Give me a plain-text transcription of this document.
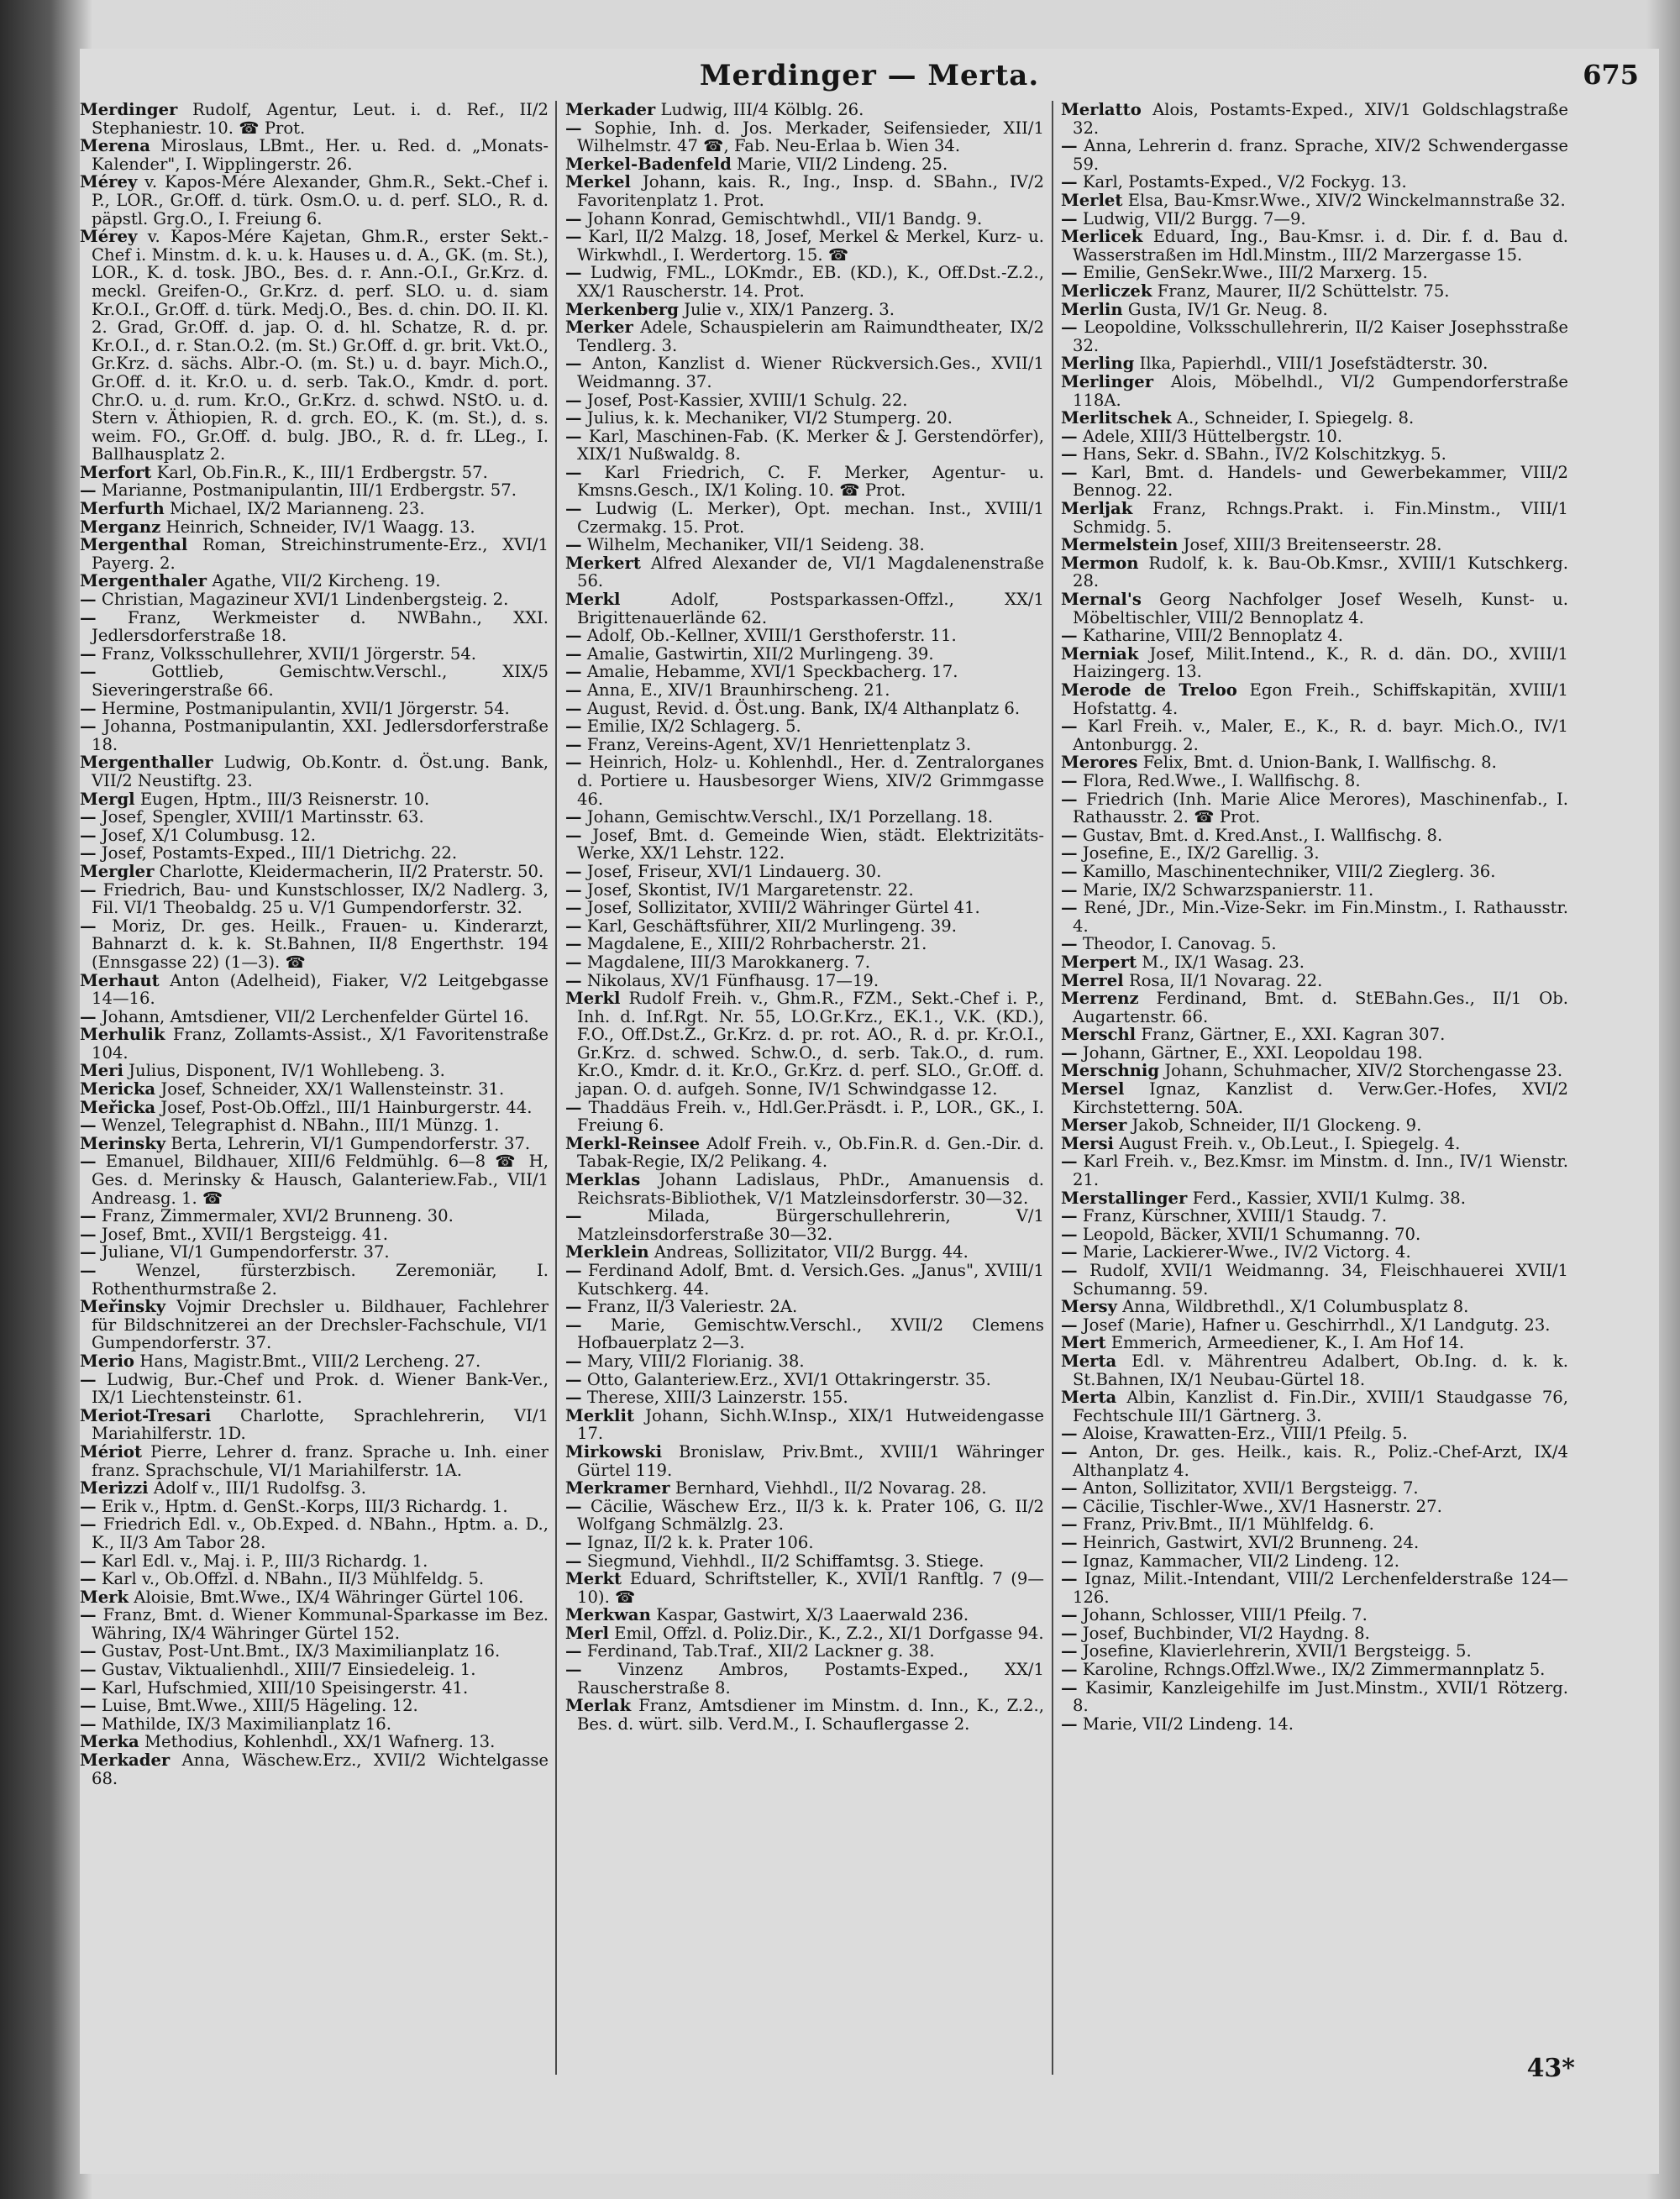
Merdinger — Merta.	675

Merdinger Rudolf, Agentur, Leut. i. d. Ref., II/2 Stephaniestr. 10. ☎ Prot.

Merena Miroslaus, LBmt., Her. u. Red. d. „Monats-Kalender", I. Wipplingerstr. 26.

Mérey v. Kapos-Mére Alexander, Ghm.R., Sekt.-Chef i. P., LOR., Gr.Off. d. türk. Osm.O. u. d. perf. SLO., R. d. päpstl. Grg.O., I. Freiung 6.

Mérey v. Kapos-Mére Kajetan, Ghm.R., erster Sekt.-Chef i. Minstm. d. k. u. k. Hauses u. d. A., GK. (m. St.), LOR., K. d. tosk. JBO., Bes. d. r. Ann.-O.I., Gr.Krz. d. meckl. Greifen-O., Gr.Krz. d. perf. SLO. u. d. siam Kr.O.I., Gr.Off. d. türk. Medj.O., Bes. d. chin. DO. II. Kl. 2. Grad, Gr.Off. d. jap. O. d. hl. Schatze, R. d. pr. Kr.O.I., d. r. Stan.O.2. (m. St.) Gr.Off. d. gr. brit. Vkt.O., Gr.Krz. d. sächs. Albr.-O. (m. St.) u. d. bayr. Mich.O., Gr.Off. d. it. Kr.O. u. d. serb. Tak.O., Kmdr. d. port. Chr.O. u. d. rum. Kr.O., Gr.Krz. d. schwd. NStO. u. d. Stern v. Äthiopien, R. d. grch. EO., K. (m. St.), d. s. weim. FO., Gr.Off. d. bulg. JBO., R. d. fr. LLeg., I. Ballhausplatz 2.

Merfort Karl, Ob.Fin.R., K., III/1 Erdbergstr. 57.

— Marianne, Postmanipulantin, III/1 Erdbergstr. 57.

Merfurth Michael, IX/2 Marianneng. 23.

Merganz Heinrich, Schneider, IV/1 Waagg. 13.

Mergenthal Roman, Streichinstrumente-Erz., XVI/1 Payerg. 2.

Mergenthaler Agathe, VII/2 Kircheng. 19.

— Christian, Magazineur XVI/1 Lindenbergsteig. 2.

— Franz, Werkmeister d. NWBahn., XXI. Jedlersdorferstraße 18.

— Franz, Volksschullehrer, XVII/1 Jörgerstr. 54.

—	Gottlieb, Gemischtw.Verschl., XIX/5 Sieveringerstraße 66.

— Hermine, Postmanipulantin, XVII/1 Jörgerstr. 54.

— Johanna, Postmanipulantin, XXI. Jedlersdorferstraße 18.

Mergenthaller Ludwig, Ob.Kontr. d. Öst.ung. Bank, VII/2 Neustiftg. 23.

Mergl Eugen, Hptm., III/3 Reisnerstr. 10.

— Josef, Spengler, XVIII/1 Martinsstr. 63.

— Josef, X/1 Columbusg. 12.

— Josef, Postamts-Exped., III/1 Dietrichg. 22.

Mergler Charlotte, Kleidermacherin, II/2 Praterstr. 50.

— Friedrich, Bau- und Kunstschlosser, IX/2 Nadlerg. 3, Fil. VI/1 Theobaldg. 25 u. V/1 Gumpendorferstr. 32.

— Moriz, Dr. ges. Heilk., Frauen- u. Kinderarzt, Bahnarzt d. k. k. St.Bahnen, II/8 Engerthstr. 194 (Ennsgasse 22) (1—3). ☎

Merhaut Anton (Adelheid), Fiaker, V/2 Leitgebgasse 14—16.

— Johann, Amtsdiener, VII/2 Lerchenfelder Gürtel 16.

Merhulik Franz, Zollamts-Assist., X/1 Favoritenstraße 104.

Meri Julius, Disponent, IV/1 Wohllebeng. 3.

Mericka Josef, Schneider, XX/1 Wallensteinstr. 31.

Meřicka Josef, Post-Ob.Offzl., III/1 Hainburgerstr. 44.

— Wenzel, Telegraphist d. NBahn., III/1 Münzg. 1.

Merinsky Berta, Lehrerin, VI/1 Gumpendorferstr. 37.

— Emanuel, Bildhauer, XIII/6 Feldmühlg. 6—8 ☎ H, Ges. d. Merinsky & Hausch, Galanteriew.Fab., VII/1 Andreasg. 1. ☎

— Franz, Zimmermaler, XVI/2 Brunneng. 30.

— Josef, Bmt., XVII/1 Bergsteigg. 41.

— Juliane, VI/1 Gumpendorferstr. 37.

— Wenzel, fürsterzbisch. Zeremoniär, I. Rothenthurmstraße 2.

Meřinsky Vojmir Drechsler u. Bildhauer, Fachlehrer für Bildschnitzerei an der Drechsler-Fachschule, VI/1 Gumpendorferstr. 37.

Merio Hans, Magistr.Bmt., VIII/2 Lercheng. 27.

— Ludwig, Bur.-Chef und Prok. d. Wiener Bank-Ver., IX/1 Liechtensteinstr. 61.

Meriot-Tresari Charlotte, Sprachlehrerin, VI/1 Mariahilferstr. 1D.

Mériot Pierre, Lehrer d. franz. Sprache u. Inh. einer franz. Sprachschule, VI/1 Mariahilferstr. 1A.

Merizzi Adolf v., III/1 Rudolfsg. 3.

— Erik v., Hptm. d. GenSt.-Korps, III/3 Richardg. 1.

— Friedrich Edl. v., Ob.Exped. d. NBahn., Hptm. a. D., K., II/3 Am Tabor 28.

— Karl Edl. v., Maj. i. P., III/3 Richardg. 1.

— Karl v., Ob.Offzl. d. NBahn., II/3 Mühlfeldg. 5.

Merk Aloisie, Bmt.Wwe., IX/4 Währinger Gürtel 106.

— Franz, Bmt. d. Wiener Kommunal-Sparkasse im Bez. Währing, IX/4 Währinger Gürtel 152.

— Gustav, Post-Unt.Bmt., IX/3 Maximilianplatz 16.

— Gustav, Viktualienhdl., XIII/7 Einsiedeleig. 1.

— Karl, Hufschmied, XIII/10 Speisingerstr. 41.

— Luise, Bmt.Wwe., XIII/5 Hägeling. 12.

— Mathilde, IX/3 Maximilianplatz 16.

Merka Methodius, Kohlenhdl., XX/1 Wafnerg. 13.

Merkader Anna, Wäschew.Erz., XVII/2 Wichtelgasse 68.

Merkader Ludwig, III/4 Kölblg. 26.

— Sophie, Inh. d. Jos. Merkader, Seifensieder, XII/1 Wilhelmstr. 47 ☎, Fab. Neu-Erlaa b. Wien 34.

Merkel-Badenfeld Marie, VII/2 Lindeng. 25.

Merkel Johann, kais. R., Ing., Insp. d. SBahn., IV/2 Favoritenplatz 1. Prot.

— Johann Konrad, Gemischtwhdl., VII/1 Bandg. 9.

— Karl, II/2 Malzg. 18, Josef, Merkel & Merkel, Kurz- u. Wirkwhdl., I. Werdertorg. 15. ☎

— Ludwig, FML., LOKmdr., EB. (KD.), K., Off.Dst.-Z.2., XX/1 Rauscherstr. 14. Prot.

Merkenberg Julie v., XIX/1 Panzerg. 3.

Merker Adele, Schauspielerin am Raimundtheater, IX/2 Tendlerg. 3.

— Anton, Kanzlist d. Wiener Rückversich.Ges., XVII/1 Weidmanng. 37.

— Josef, Post-Kassier, XVIII/1 Schulg. 22.

— Julius, k. k. Mechaniker, VI/2 Stumperg. 20.

— Karl, Maschinen-Fab. (K. Merker & J. Gerstendörfer), XIX/1 Nußwaldg. 8.

— Karl Friedrich, C. F. Merker, Agentur- u. Kmsns.Gesch., IX/1 Koling. 10. ☎ Prot.

— Ludwig (L. Merker), Opt. mechan. Inst., XVIII/1 Czermakg. 15. Prot.

— Wilhelm, Mechaniker, VII/1 Seideng. 38.

Merkert Alfred Alexander de, VI/1 Magdalenenstraße 56.

Merkl	Adolf, Postsparkassen-Offzl., XX/1 Brigittenauerlände 62.

— Adolf, Ob.-Kellner, XVIII/1 Gersthoferstr. 11.

— Amalie, Gastwirtin, XII/2 Murlingeng. 39.

— Amalie, Hebamme, XVI/1 Speckbacherg. 17.

— Anna, E., XIV/1 Braunhirscheng. 21.

— August, Revid. d. Öst.ung. Bank, IX/4 Althanplatz 6.

— Emilie, IX/2 Schlagerg. 5.

— Franz, Vereins-Agent, XV/1 Henriettenplatz 3.

— Heinrich, Holz- u. Kohlenhdl., Her. d. Zentralorganes d. Portiere u. Hausbesorger Wiens, XIV/2 Grimmgasse 46.

— Johann, Gemischtw.Verschl., IX/1 Porzellang. 18.

— Josef, Bmt. d. Gemeinde Wien, städt. Elektrizitäts-Werke, XX/1 Lehstr. 122.

— Josef, Friseur, XVI/1 Lindauerg. 30.

— Josef, Skontist, IV/1 Margaretenstr. 22.

— Josef, Sollizitator, XVIII/2 Währinger Gürtel 41.

— Karl, Geschäftsführer, XII/2 Murlingeng. 39.

— Magdalene, E., XIII/2 Rohrbacherstr. 21.

— Magdalene, III/3 Marokkanerg. 7.

— Nikolaus, XV/1 Fünfhausg. 17—19.

Merkl Rudolf Freih. v., Ghm.R., FZM., Sekt.-Chef i. P., Inh. d. Inf.Rgt. Nr. 55, LO.Gr.Krz., EK.1., V.K. (KD.), F.O., Off.Dst.Z., Gr.Krz. d. pr. rot. AO., R. d. pr. Kr.O.I., Gr.Krz. d. schwed. Schw.O., d. serb. Tak.O., d. rum. Kr.O., Kmdr. d. it. Kr.O., Gr.Krz. d. perf. SLO., Gr.Off. d. japan. O. d. aufgeh. Sonne, IV/1 Schwindgasse 12.

— Thaddäus Freih. v., Hdl.Ger.Präsdt. i. P., LOR., GK., I. Freiung 6.

Merkl-Reinsee Adolf Freih. v., Ob.Fin.R. d. Gen.-Dir. d. Tabak-Regie, IX/2 Pelikang. 4.

Merklas Johann Ladislaus, PhDr., Amanuensis d. Reichsrats-Bibliothek, V/1 Matzleinsdorferstr. 30—32.

—	Milada, Bürgerschullehrerin, V/1 Matzleinsdorferstraße 30—32.

Merklein Andreas, Sollizitator, VII/2 Burgg. 44.

— Ferdinand Adolf, Bmt. d. Versich.Ges. „Janus", XVIII/1 Kutschkerg. 44.

— Franz, II/3 Valeriestr. 2A.

— Marie, Gemischtw.Verschl., XVII/2 Clemens Hofbauerplatz 2—3.

— Mary, VIII/2 Florianig. 38.

— Otto, Galanteriew.Erz., XVI/1 Ottakringerstr. 35.

— Therese, XIII/3 Lainzerstr. 155.

Merklit Johann, Sichh.W.Insp., XIX/1 Hutweidengasse 17.

Mirkowski Bronislaw, Priv.Bmt., XVIII/1 Währinger Gürtel 119.

Merkramer Bernhard, Viehhdl., II/2 Novarag. 28.

— Cäcilie, Wäschew Erz., II/3 k. k. Prater 106, G. II/2 Wolfgang Schmälzlg. 23.

— Ignaz, II/2 k. k. Prater 106.

— Siegmund, Viehhdl., II/2 Schiffamtsg. 3. Stiege.

Merkt Eduard, Schriftsteller, K., XVII/1 Ranftlg. 7 (9—10). ☎

Merkwan Kaspar, Gastwirt, X/3 Laaerwald 236.

Merl Emil, Offzl. d. Poliz.Dir., K., Z.2., XI/1 Dorfgasse 94.

— Ferdinand, Tab.Traf., XII/2 Lackner g. 38.

— Vinzenz Ambros, Postamts-Exped., XX/1 Rauscherstraße 8.

Merlak Franz, Amtsdiener im Minstm. d. Inn., K., Z.2., Bes. d. würt. silb. Verd.M., I. Schauflergasse 2.

Merlatto Alois, Postamts-Exped., XIV/1 Goldschlagstraße 32.

— Anna, Lehrerin d. franz. Sprache, XIV/2 Schwendergasse 59.

— Karl, Postamts-Exped., V/2 Fockyg. 13.

Merlet Elsa, Bau-Kmsr.Wwe., XIV/2 Winckelmannstraße 32.

— Ludwig, VII/2 Burgg. 7—9.

Merlicek Eduard, Ing., Bau-Kmsr. i. d. Dir. f. d. Bau d. Wasserstraßen im Hdl.Minstm., III/2 Marzergasse 15.

— Emilie, GenSekr.Wwe., III/2 Marxerg. 15.

Merliczek Franz, Maurer, II/2 Schüttelstr. 75.

Merlin Gusta, IV/1 Gr. Neug. 8.

— Leopoldine, Volksschullehrerin, II/2 Kaiser Josephsstraße 32.

Merling Ilka, Papierhdl., VIII/1 Josefstädterstr. 30.

Merlinger Alois, Möbelhdl., VI/2 Gumpendorferstraße 118A.

Merlitschek A., Schneider, I. Spiegelg. 8.

— Adele, XIII/3 Hüttelbergstr. 10.

— Hans, Sekr. d. SBahn., IV/2 Kolschitzkyg. 5.

— Karl, Bmt. d. Handels- und Gewerbekammer, VIII/2 Bennog. 22.

Merljak Franz, Rchngs.Prakt. i. Fin.Minstm., VIII/1 Schmidg. 5.

Mermelstein Josef, XIII/3 Breitenseerstr. 28.

Mermon Rudolf, k. k. Bau-Ob.Kmsr., XVIII/1 Kutschkerg. 28.

Mernal's Georg Nachfolger Josef Weselh, Kunst- u. Möbeltischler, VIII/2 Bennoplatz 4.

— Katharine, VIII/2 Bennoplatz 4.

Merniak Josef, Milit.Intend., K., R. d. dän. DO., XVIII/1 Haizingerg. 13.

Merode de Treloo Egon Freih., Schiffskapitän, XVIII/1 Hofstattg. 4.

— Karl Freih. v., Maler, E., K., R. d. bayr. Mich.O., IV/1 Antonburgg. 2.

Merores Felix, Bmt. d. Union-Bank, I. Wallfischg. 8.

— Flora, Red.Wwe., I. Wallfischg. 8.

— Friedrich (Inh. Marie Alice Merores), Maschinenfab., I. Rathausstr. 2. ☎ Prot.

— Gustav, Bmt. d. Kred.Anst., I. Wallfischg. 8.

— Josefine, E., IX/2 Garellig. 3.

— Kamillo, Maschinentechniker, VIII/2 Zieglerg. 36.

— Marie, IX/2 Schwarzspanierstr. 11.

— René, JDr., Min.-Vize-Sekr. im Fin.Minstm., I. Rathausstr. 4.

— Theodor, I. Canovag. 5.

Merpert M., IX/1 Wasag. 23.

Merrel Rosa, II/1 Novarag. 22.

Merrenz Ferdinand, Bmt. d. StEBahn.Ges., II/1 Ob. Augartenstr. 66.

Merschl Franz, Gärtner, E., XXI. Kagran 307.

— Johann, Gärtner, E., XXI. Leopoldau 198.

Merschnig Johann, Schuhmacher, XIV/2 Storchengasse 23.

Mersel Ignaz, Kanzlist d. Verw.Ger.-Hofes, XVI/2 Kirchstetterng. 50A.

Merser Jakob, Schneider, II/1 Glockeng. 9.

Mersi August Freih. v., Ob.Leut., I. Spiegelg. 4.

— Karl Freih. v., Bez.Kmsr. im Minstm. d. Inn., IV/1 Wienstr. 21.

Merstallinger Ferd., Kassier, XVII/1 Kulmg. 38.

— Franz, Kürschner, XVIII/1 Staudg. 7.

— Leopold, Bäcker, XVII/1 Schumanng. 70.

— Marie, Lackierer-Wwe., IV/2 Victorg. 4.

— Rudolf, XVII/1 Weidmanng. 34, Fleischhauerei XVII/1 Schumanng. 59.

Mersy Anna, Wildbrethdl., X/1 Columbusplatz 8.

— Josef (Marie), Hafner u. Geschirrhdl., X/1 Landgutg. 23.

Mert Emmerich, Armeediener, K., I. Am Hof 14.

Merta Edl. v. Mährentreu Adalbert, Ob.Ing. d. k. k. St.Bahnen, IX/1 Neubau-Gürtel 18.

Merta Albin, Kanzlist d. Fin.Dir., XVIII/1 Staudgasse 76, Fechtschule III/1 Gärtnerg. 3.

— Aloise, Krawatten-Erz., VIII/1 Pfeilg. 5.

— Anton, Dr. ges. Heilk., kais. R., Poliz.-Chef-Arzt, IX/4 Althanplatz 4.

— Anton, Sollizitator, XVII/1 Bergsteigg. 7.

— Cäcilie, Tischler-Wwe., XV/1 Hasnerstr. 27.

— Franz, Priv.Bmt., II/1 Mühlfeldg. 6.

— Heinrich, Gastwirt, XVI/2 Brunneng. 24.

— Ignaz, Kammacher, VII/2 Lindeng. 12.

— Ignaz, Milit.-Intendant, VIII/2 Lerchenfelderstraße 124—126.

— Johann, Schlosser, VIII/1 Pfeilg. 7.

— Josef, Buchbinder, VI/2 Haydng. 8.

— Josefine, Klavierlehrerin, XVII/1 Bergsteigg. 5.

— Karoline, Rchngs.Offzl.Wwe., IX/2 Zimmermannplatz 5.

— Kasimir, Kanzleigehilfe im Just.Minstm., XVII/1 Rötzerg. 8.

— Marie, VII/2 Lindeng. 14.

43*
